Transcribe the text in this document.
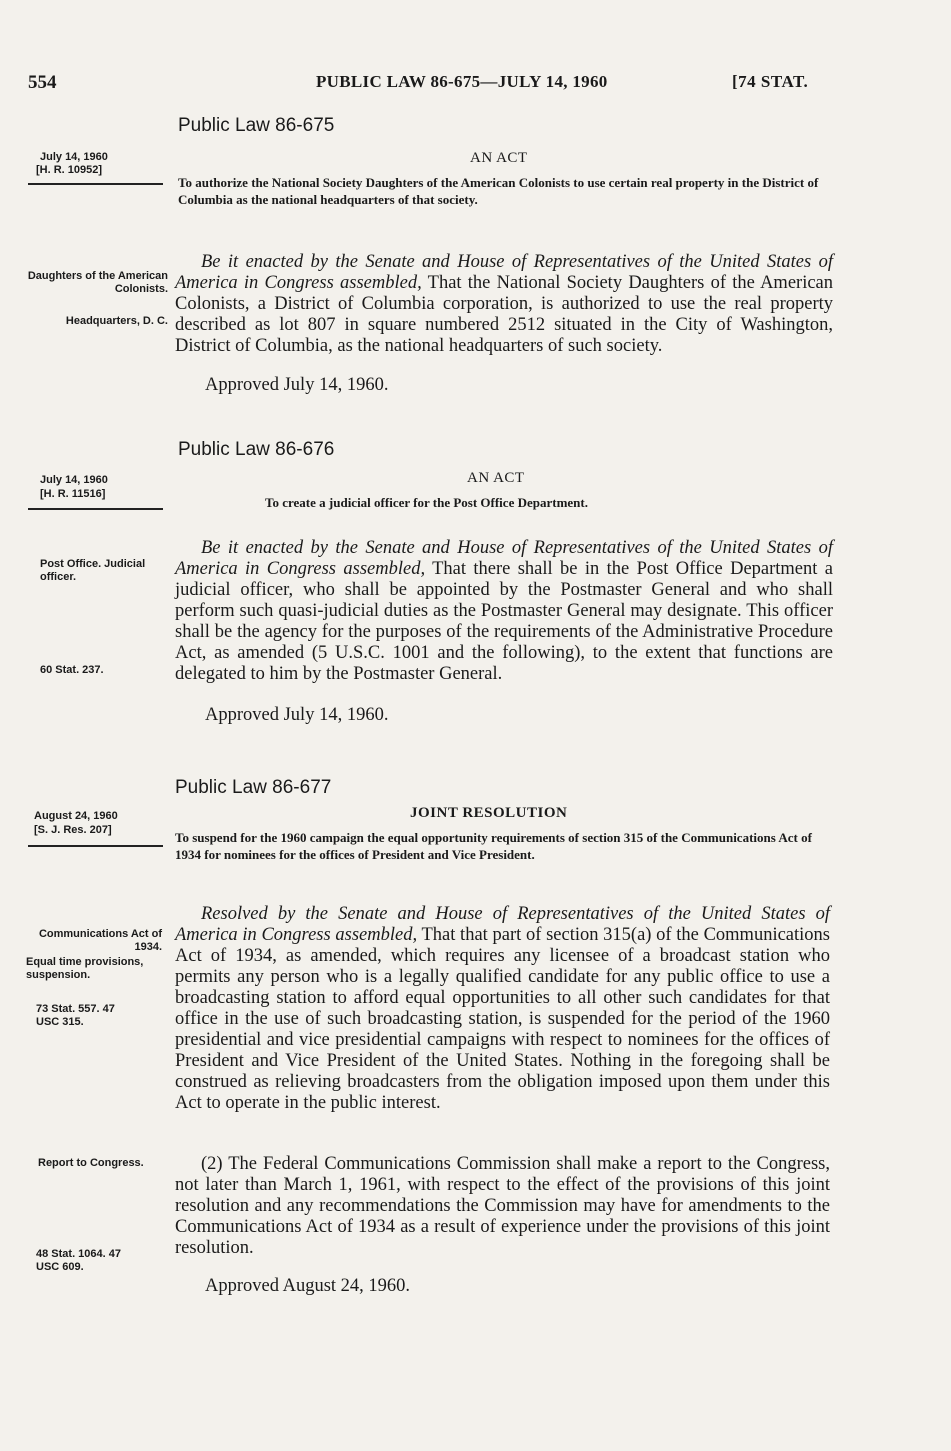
554	PUBLIC LAW 86-675—JULY 14, 1960	[74 STAT.
Public Law 86-675
AN ACT
July 14, 1960
[H. R. 10952]
To authorize the National Society Daughters of the American Colonists to use certain real property in the District of Columbia as the national headquarters of that society.
Daughters of the American Colonists.
Headquarters, D. C.
Be it enacted by the Senate and House of Representatives of the United States of America in Congress assembled, That the National Society Daughters of the American Colonists, a District of Columbia corporation, is authorized to use the real property described as lot 807 in square numbered 2512 situated in the City of Washington, District of Columbia, as the national headquarters of such society.
Approved July 14, 1960.
Public Law 86-676
AN ACT
July 14, 1960
[H. R. 11516]
To create a judicial officer for the Post Office Department.
Post Office. Judicial officer.
60 Stat. 237.
Be it enacted by the Senate and House of Representatives of the United States of America in Congress assembled, That there shall be in the Post Office Department a judicial officer, who shall be appointed by the Postmaster General and who shall perform such quasi-judicial duties as the Postmaster General may designate. This officer shall be the agency for the purposes of the requirements of the Administrative Procedure Act, as amended (5 U.S.C. 1001 and the following), to the extent that functions are delegated to him by the Postmaster General.
Approved July 14, 1960.
Public Law 86-677
JOINT RESOLUTION
August 24, 1960
[S. J. Res. 207]	To suspend for the 1960 campaign the equal opportunity requirements of section 315 of the Communications Act of 1934 for nominees for the offices of President and Vice President.
Communications Act of 1934.
Equal time provisions, suspension.
73 Stat. 557. 47 USC 315.
Report to Congress.
48 Stat. 1064. 47 USC 609.
Resolved by the Senate and House of Representatives of the United States of America in Congress assembled, That that part of section 315(a) of the Communications Act of 1934, as amended, which requires any licensee of a broadcast station who permits any person who is a legally qualified candidate for any public office to use a broadcasting station to afford equal opportunities to all other such candidates for that office in the use of such broadcasting station, is suspended for the period of the 1960 presidential and vice presidential campaigns with respect to nominees for the offices of President and Vice President of the United States. Nothing in the foregoing shall be construed as relieving broadcasters from the obligation imposed upon them under this Act to operate in the public interest.
(2) The Federal Communications Commission shall make a report to the Congress, not later than March 1, 1961, with respect to the effect of the provisions of this joint resolution and any recommendations the Commission may have for amendments to the Communications Act of 1934 as a result of experience under the provisions of this joint resolution.
Approved August 24, 1960.
